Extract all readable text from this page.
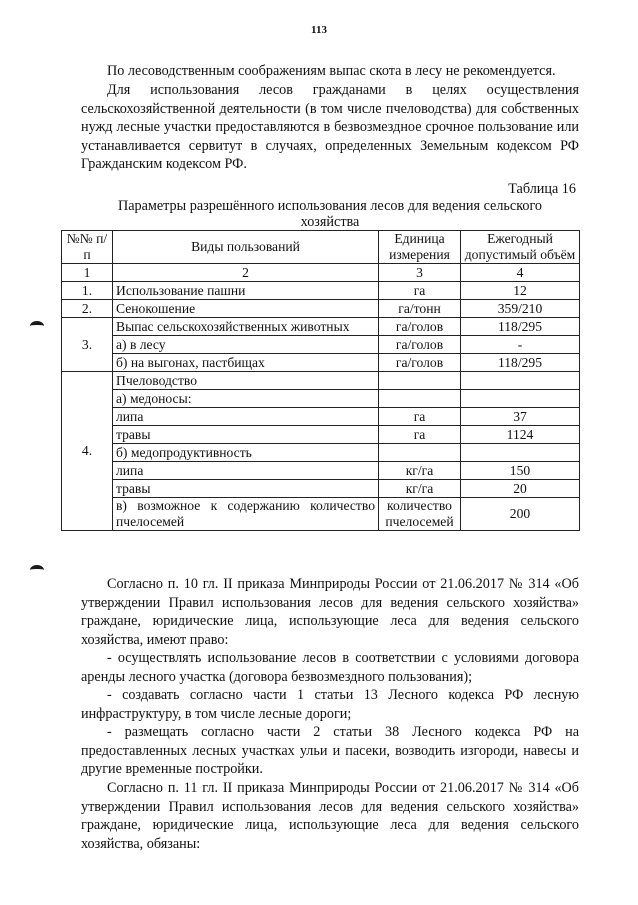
113

По лесоводственным соображениям выпас скота в лесу не рекомендуется.

Для использования лесов гражданами в целях осуществления сельскохозяйственной деятельности (в том числе пчеловодства) для собственных нужд лесные участки предоставляются в безвозмездное срочное пользование или устанавливается сервитут в случаях, определенных Земельным кодексом РФ Гражданским кодексом РФ.

Таблица 16
Параметры разрешённого использования лесов для ведения сельского хозяйства
№№ п/п	Виды пользований	Единица измерения	Ежегодный допустимый объём
1	2	3	4
1.	Использование пашни	га	12
2.	Сенокошение	га/тонн	359/210
3.	Выпас сельскохозяйственных животных	га/голов	118/295
	а) в лесу	га/голов	-
	б) на выгонах, пастбищах	га/голов	118/295
4.	Пчеловодство		
	а) медоносы:		
	липа	га	37
	травы	га	1124
	б) медопродуктивность		
	липа	кг/га	150
	травы	кг/га	20
	в) возможное к содержанию количество пчелосемей	количество пчелосемей	200

Согласно п. 10 гл. II приказа Минприроды России от 21.06.2017 № 314 «Об утверждении Правил использования лесов для ведения сельского хозяйства» граждане, юридические лица, использующие леса для ведения сельского хозяйства, имеют право:

- осуществлять использование лесов в соответствии с условиями договора аренды лесного участка (договора безвозмездного пользования);

- создавать согласно части 1 статьи 13 Лесного кодекса РФ лесную инфраструктуру, в том числе лесные дороги;

- размещать согласно части 2 статьи 38 Лесного кодекса РФ на предоставленных лесных участках ульи и пасеки, возводить изгороди, навесы и другие временные постройки.

Согласно п. 11 гл. II приказа Минприроды России от 21.06.2017 № 314 «Об утверждении Правил использования лесов для ведения сельского хозяйства» граждане, юридические лица, использующие леса для ведения сельского хозяйства, обязаны:
